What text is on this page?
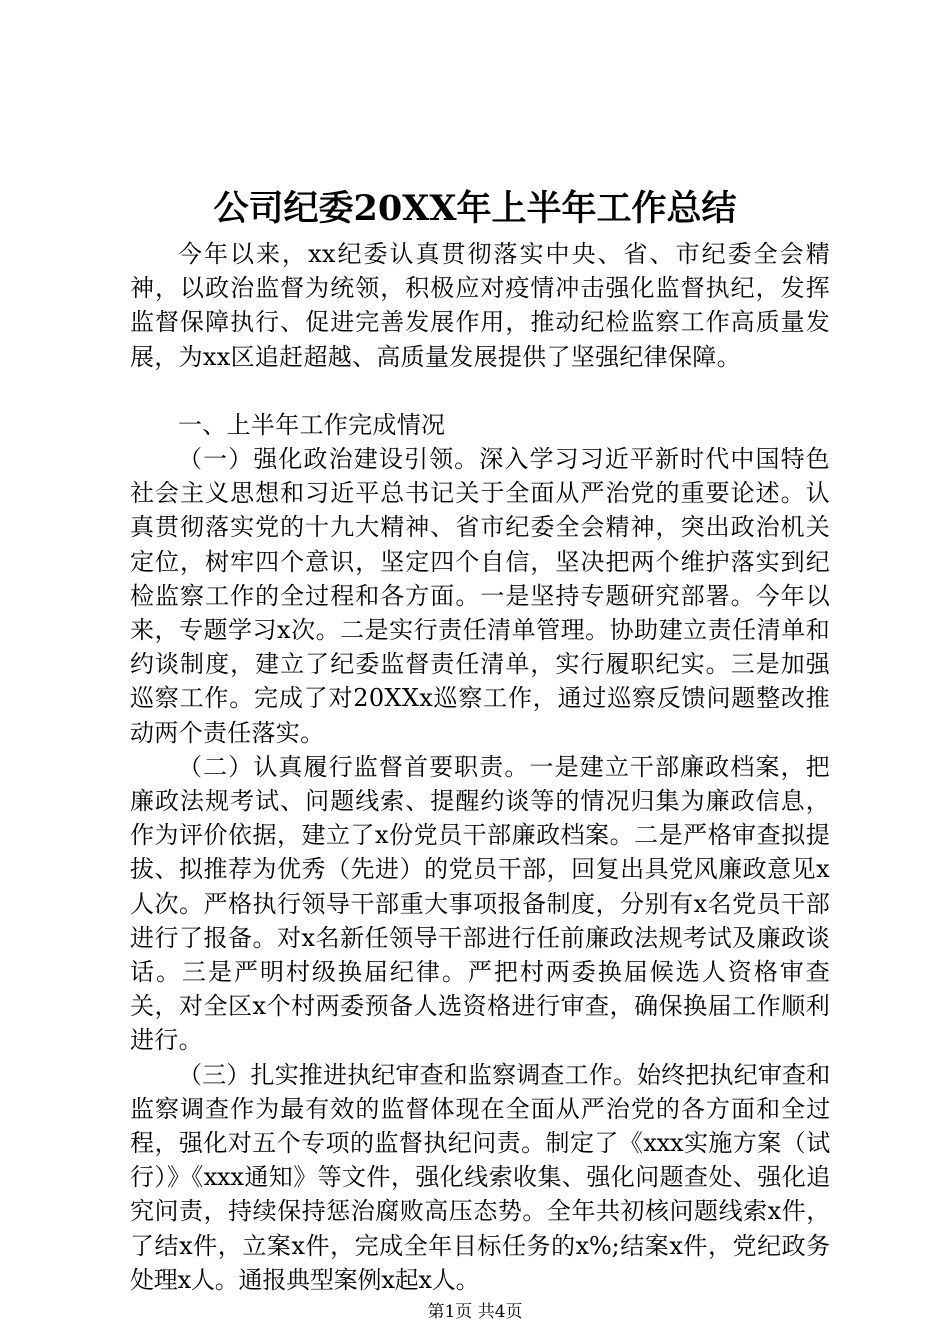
公司纪委20XX年上半年工作总结

今年以来，xx纪委认真贯彻落实中央、省、市纪委全会精神，以政治监督为统领，积极应对疫情冲击强化监督执纪，发挥监督保障执行、促进完善发展作用，推动纪检监察工作高质量发展，为xx区追赶超越、高质量发展提供了坚强纪律保障。

一、上半年工作完成情况

（一）强化政治建设引领。深入学习习近平新时代中国特色社会主义思想和习近平总书记关于全面从严治党的重要论述。认真贯彻落实党的十九大精神、省市纪委全会精神，突出政治机关定位，树牢四个意识，坚定四个自信，坚决把两个维护落实到纪检监察工作的全过程和各方面。一是坚持专题研究部署。今年以来，专题学习x次。二是实行责任清单管理。协助建立责任清单和约谈制度，建立了纪委监督责任清单，实行履职纪实。三是加强巡察工作。完成了对20XXx巡察工作，通过巡察反馈问题整改推动两个责任落实。

（二）认真履行监督首要职责。一是建立干部廉政档案，把廉政法规考试、问题线索、提醒约谈等的情况归集为廉政信息，作为评价依据，建立了x份党员干部廉政档案。二是严格审查拟提拔、拟推荐为优秀（先进）的党员干部，回复出具党风廉政意见x人次。严格执行领导干部重大事项报备制度，分别有x名党员干部进行了报备。对x名新任领导干部进行任前廉政法规考试及廉政谈话。三是严明村级换届纪律。严把村两委换届候选人资格审查关，对全区x个村两委预备人选资格进行审查，确保换届工作顺利进行。

（三）扎实推进执纪审查和监察调查工作。始终把执纪审查和监察调查作为最有效的监督体现在全面从严治党的各方面和全过程，强化对五个专项的监督执纪问责。制定了《xxx实施方案（试行）》《xxx通知》等文件，强化线索收集、强化问题查处、强化追究问责，持续保持惩治腐败高压态势。全年共初核问题线索x件，了结x件，立案x件，完成全年目标任务的x%;结案x件，党纪政务处理x人。通报典型案例x起x人。

第1页 共4页
